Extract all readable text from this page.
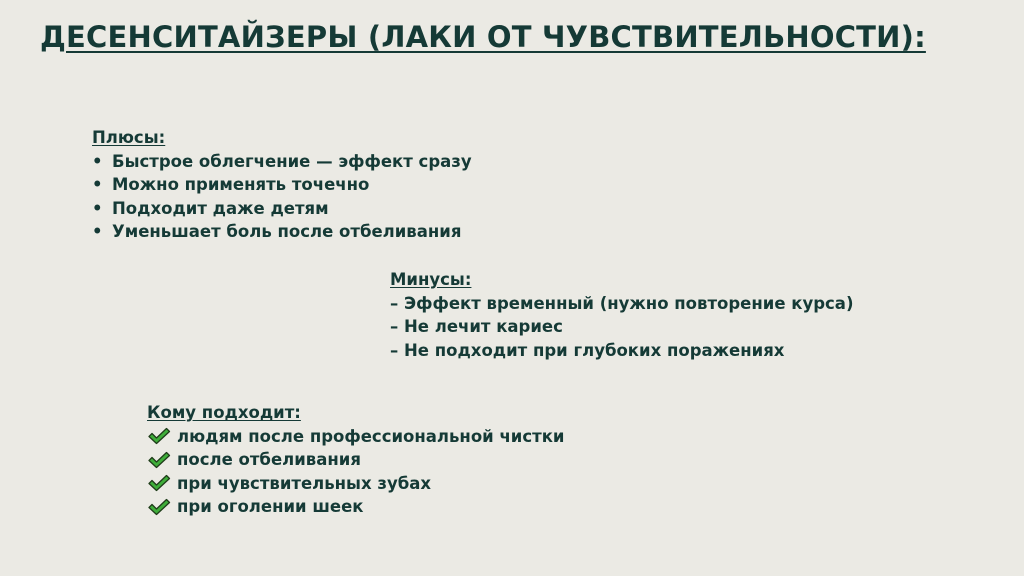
ДЕСЕНСИТАЙЗЕРЫ (ЛАКИ ОТ ЧУВСТВИТЕЛЬНОСТИ):
Плюсы:
• Быстрое облегчение — эффект сразу
• Можно применять точечно
• Подходит даже детям
• Уменьшает боль после отбеливания
Минусы:
– Эффект временный (нужно повторение курса)
– Не лечит кариес
– Не подходит при глубоких поражениях
Кому подходит:
людям после профессиональной чистки
после отбеливания
при чувствительных зубах
при оголении шеек
